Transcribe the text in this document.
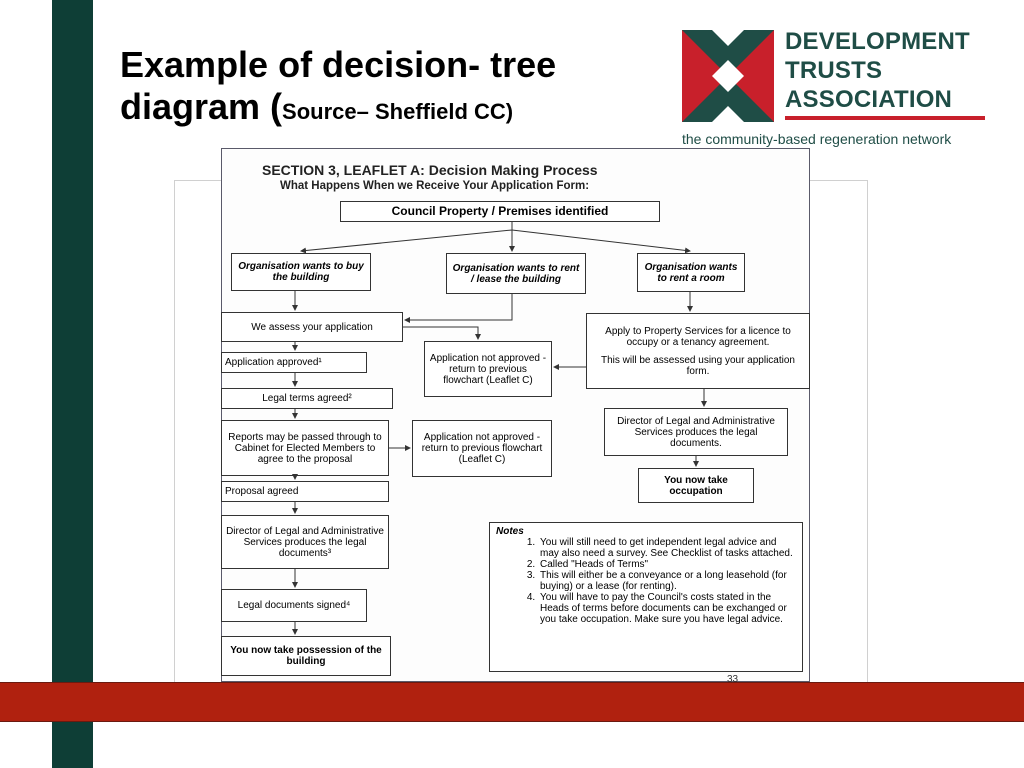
Example of decision- tree
diagram (Source– Sheffield CC)
DEVELOPMENT
TRUSTS
ASSOCIATION
the community-based regeneration network
SECTION 3, LEAFLET A: Decision Making Process
What Happens When we Receive Your Application Form:
Council Property / Premises identified
Organisation wants to buy the building
Organisation wants to rent / lease the building
Organisation wants to rent a room
We assess your application
Application approved¹	Application not approved - return to previous flowchart (Leaflet C)
Legal terms agreed²
Reports may be passed through to Cabinet for Elected Members to agree to the proposal
Application not approved - return to previous flowchart (Leaflet C)
Proposal agreed
Director of Legal and Administrative Services produces the legal documents³
Legal documents signed⁴
You now take possession of the building
Apply to Property Services for a licence to occupy or a tenancy agreement.
This will be assessed using your application form.
Director of Legal and Administrative Services produces the legal documents.
You now take occupation
Notes
1. You will still need to get independent legal advice and may also need a survey. See Checklist of tasks attached.
2. Called "Heads of Terms"
3. This will either be a conveyance or a long leasehold (for buying) or a lease (for renting).
4. You will have to pay the Council's costs stated in the Heads of terms before documents can be exchanged or you take occupation. Make sure you have legal advice.
33
